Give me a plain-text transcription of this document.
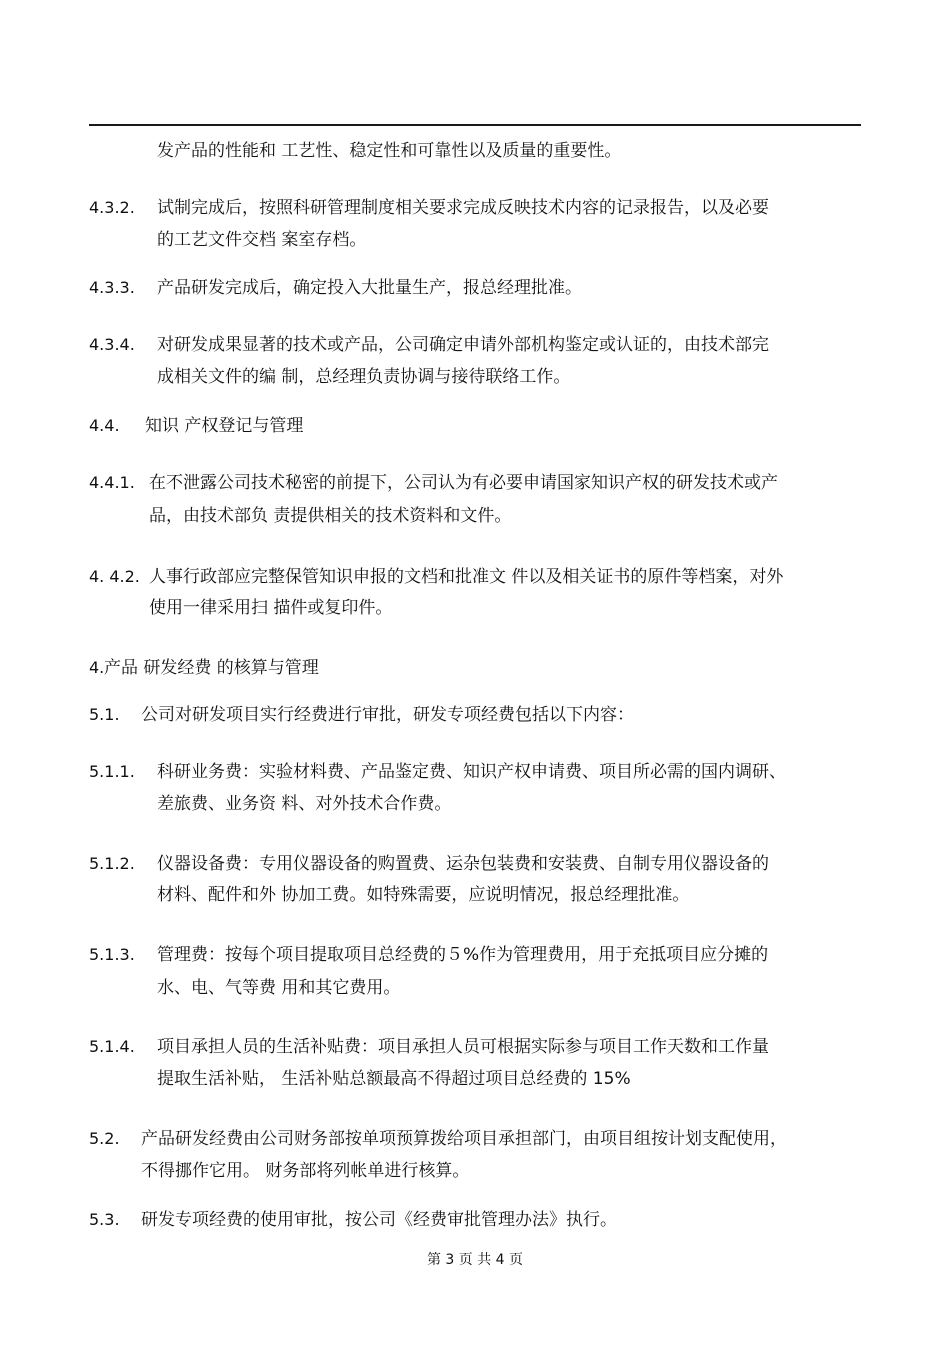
发产品的性能和 工艺性、稳定性和可靠性以及质量的重要性。
4.3.2. 试制完成后，按照科研管理制度相关要求完成反映技术内容的记录报告，以及必要
的工艺文件交档 案室存档。
4.3.3. 产品研发完成后，确定投入大批量生产，报总经理批准。
4.3.4. 对研发成果显著的技术或产品，公司确定申请外部机构鉴定或认证的，由技术部完
成相关文件的编 制，总经理负责协调与接待联络工作。
4.4. 知识 产权登记与管理
4.4.1. 在不泄露公司技术秘密的前提下，公司认为有必要申请国家知识产权的研发技术或产
品，由技术部负 责提供相关的技术资料和文件。
4. 4.2. 人事行政部应完整保管知识申报的文档和批准文 件以及相关证书的原件等档案，对外
使用一律采用扫 描件或复印件。
4. 产品 研发经费 的核算与管理
5.1. 公司对研发项目实行经费进行审批，研发专项经费包括以下内容：
5.1.1. 科研业务费：实验材料费、产品鉴定费、知识产权申请费、项目所必需的国内调研、
差旅费、业务资 料、对外技术合作费。
5.1.2. 仪器设备费：专用仪器设备的购置费、运杂包装费和安装费、自制专用仪器设备的
材料、配件和外 协加工费。如特殊需要，应说明情况，报总经理批准。
5.1.3. 管理费：按每个项目提取项目总经费的５%作为管理费用，用于充抵项目应分摊的
水、电、气等费 用和其它费用。
5.1.4. 项目承担人员的生活补贴费：项目承担人员可根据实际参与项目工作天数和工作量
提取生活补贴， 生活补贴总额最高不得超过项目总经费的 15%
5.2. 产品研发经费由公司财务部按单项预算拨给项目承担部门，由项目组按计划支配使用，
不得挪作它用。 财务部将列帐单进行核算。
5.3. 研发专项经费的使用审批，按公司《经费审批管理办法》执行。
第 3 页 共 4 页
